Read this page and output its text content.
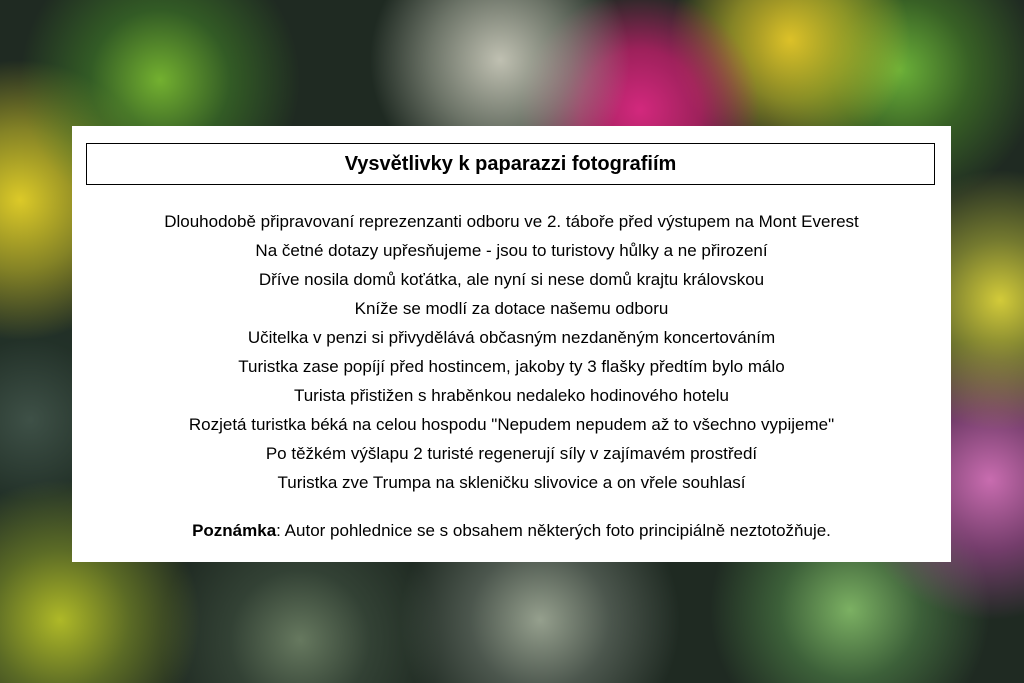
Vysvětlivky k paparazzi fotografiím
Dlouhodobě připravovaní reprezenzanti odboru ve 2. táboře před výstupem na Mont Everest
Na četné dotazy upřesňujeme - jsou to turistovy hůlky a ne přirození
Dříve nosila domů koťátka, ale nyní si nese domů krajtu královskou
Kníže se modlí za dotace našemu odboru
Učitelka v penzi si přivydělává občasným nezdaněným koncertováním
Turistka zase popíjí před hostincem, jakoby ty 3 flašky předtím bylo málo
Turista přistižen s hraběnkou nedaleko hodinového hotelu
Rozjetá turistka béká na celou hospodu "Nepudem nepudem až to všechno vypijeme"
Po těžkém výšlapu 2 turisté regenerují síly v zajímavém prostředí
Turistka zve Trumpa na skleničku slivovice a on vřele souhlasí
Poznámka: Autor pohlednice se s obsahem některých foto principiálně neztotožňuje.
